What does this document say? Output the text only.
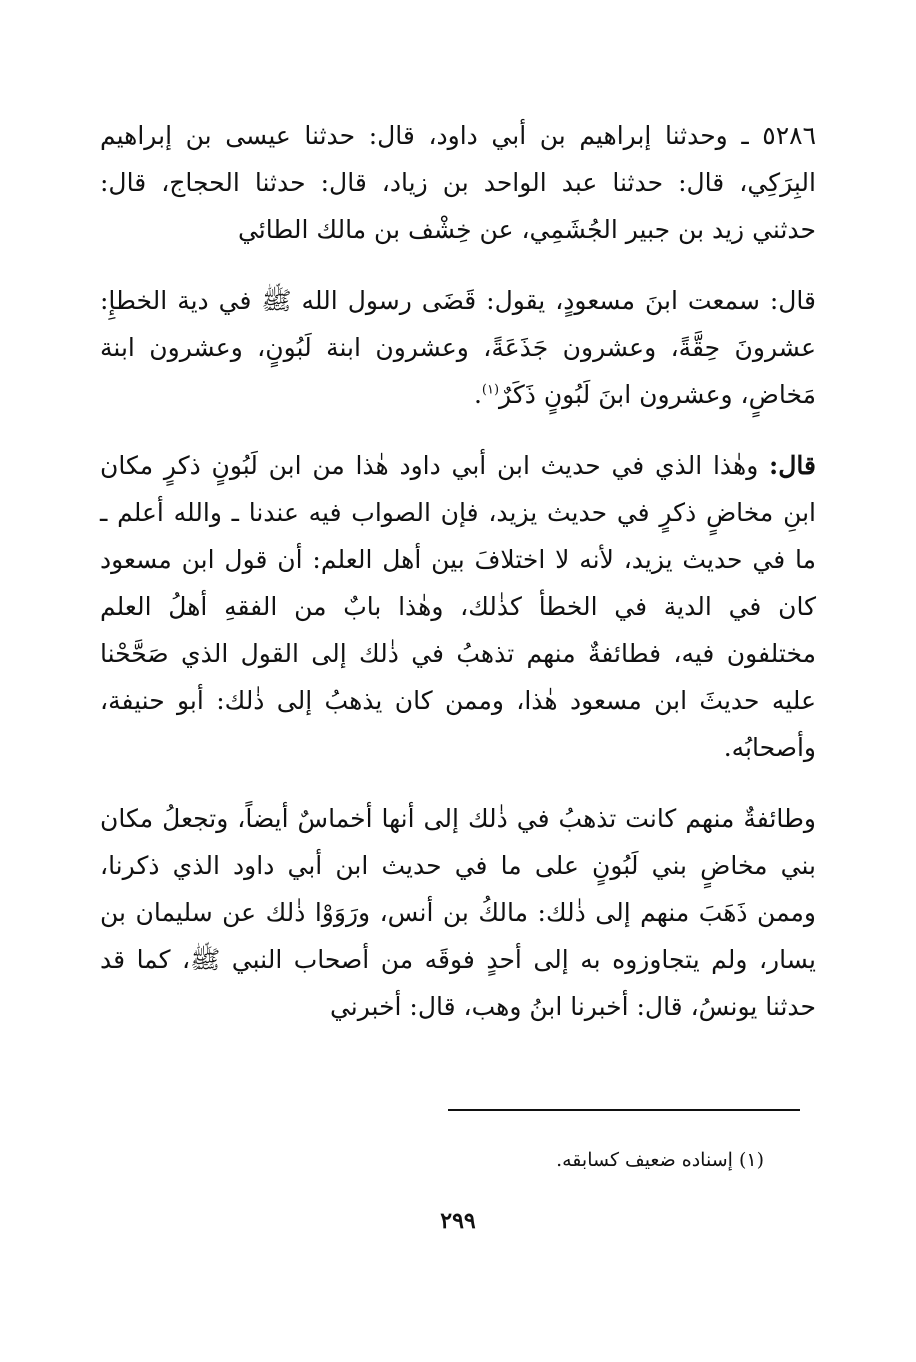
٥٢٨٦ ـ وحدثنا إبراهيم بن أبي داود، قال: حدثنا عيسى بن إبراهيم البِرَكِي، قال: حدثنا عبد الواحد بن زياد، قال: حدثنا الحجاج، قال: حدثني زيد بن جبير الجُشَمِي، عن خِشْف بن مالك الطائي

قال: سمعت ابنَ مسعودٍ، يقول: قَضَى رسول الله ﷺ في دية الخطإِ: عشرونَ حِقَّةً، وعشرون جَذَعَةً، وعشرون ابنة لَبُونٍ، وعشرون ابنة مَخاضٍ، وعشرون ابنَ لَبُونٍ ذَكَرٌ$^{(١)}$.

قال: وهٰذا الذي في حديث ابن أبي داود هٰذا من ابن لَبُونٍ ذكرٍ مكان ابنِ مخاضٍ ذكرٍ في حديث يزيد، فإن الصواب فيه عندنا ـ والله أعلم ـ ما في حديث يزيد، لأنه لا اختلافَ بين أهل العلم: أن قول ابن مسعود كان في الدية في الخطأ كذٰلك، وهٰذا بابٌ من الفقهِ أهلُ العلم مختلفون فيه، فطائفةٌ منهم تذهبُ في ذٰلك إلى القول الذي صَحَّحْنا عليه حديثَ ابن مسعود هٰذا، وممن كان يذهبُ إلى ذٰلك: أبو حنيفة، وأصحابُه.

وطائفةٌ منهم كانت تذهبُ في ذٰلك إلى أنها أخماسٌ أيضاً، وتجعلُ مكان بني مخاضٍ بني لَبُونٍ على ما في حديث ابن أبي داود الذي ذكرنا، وممن ذَهَبَ منهم إلى ذٰلك: مالكُ بن أنس، ورَوَوْا ذٰلك عن سليمان بن يسار، ولم يتجاوزوه به إلى أحدٍ فوقَه من أصحاب النبي ﷺ، كما قد حدثنا يونسُ، قال: أخبرنا ابنُ وهب، قال: أخبرني

(١) إسناده ضعيف كسابقه.
٢٩٩
